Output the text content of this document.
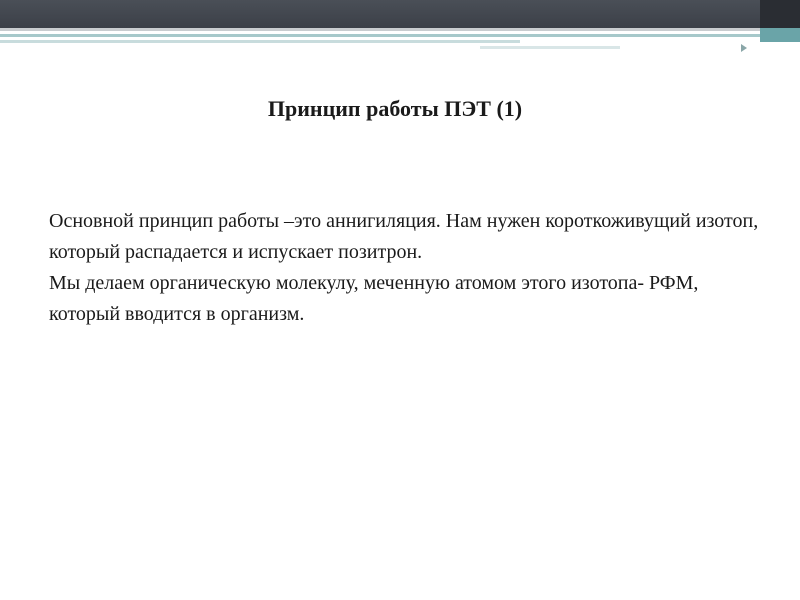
Принцип работы ПЭТ (1)

Основной принцип работы –это аннигиляция. Нам нужен короткоживущий изотоп, который распадается и испускает позитрон.

Мы делаем органическую молекулу, меченную атомом этого изотопа- РФМ, который вводится в организм.
